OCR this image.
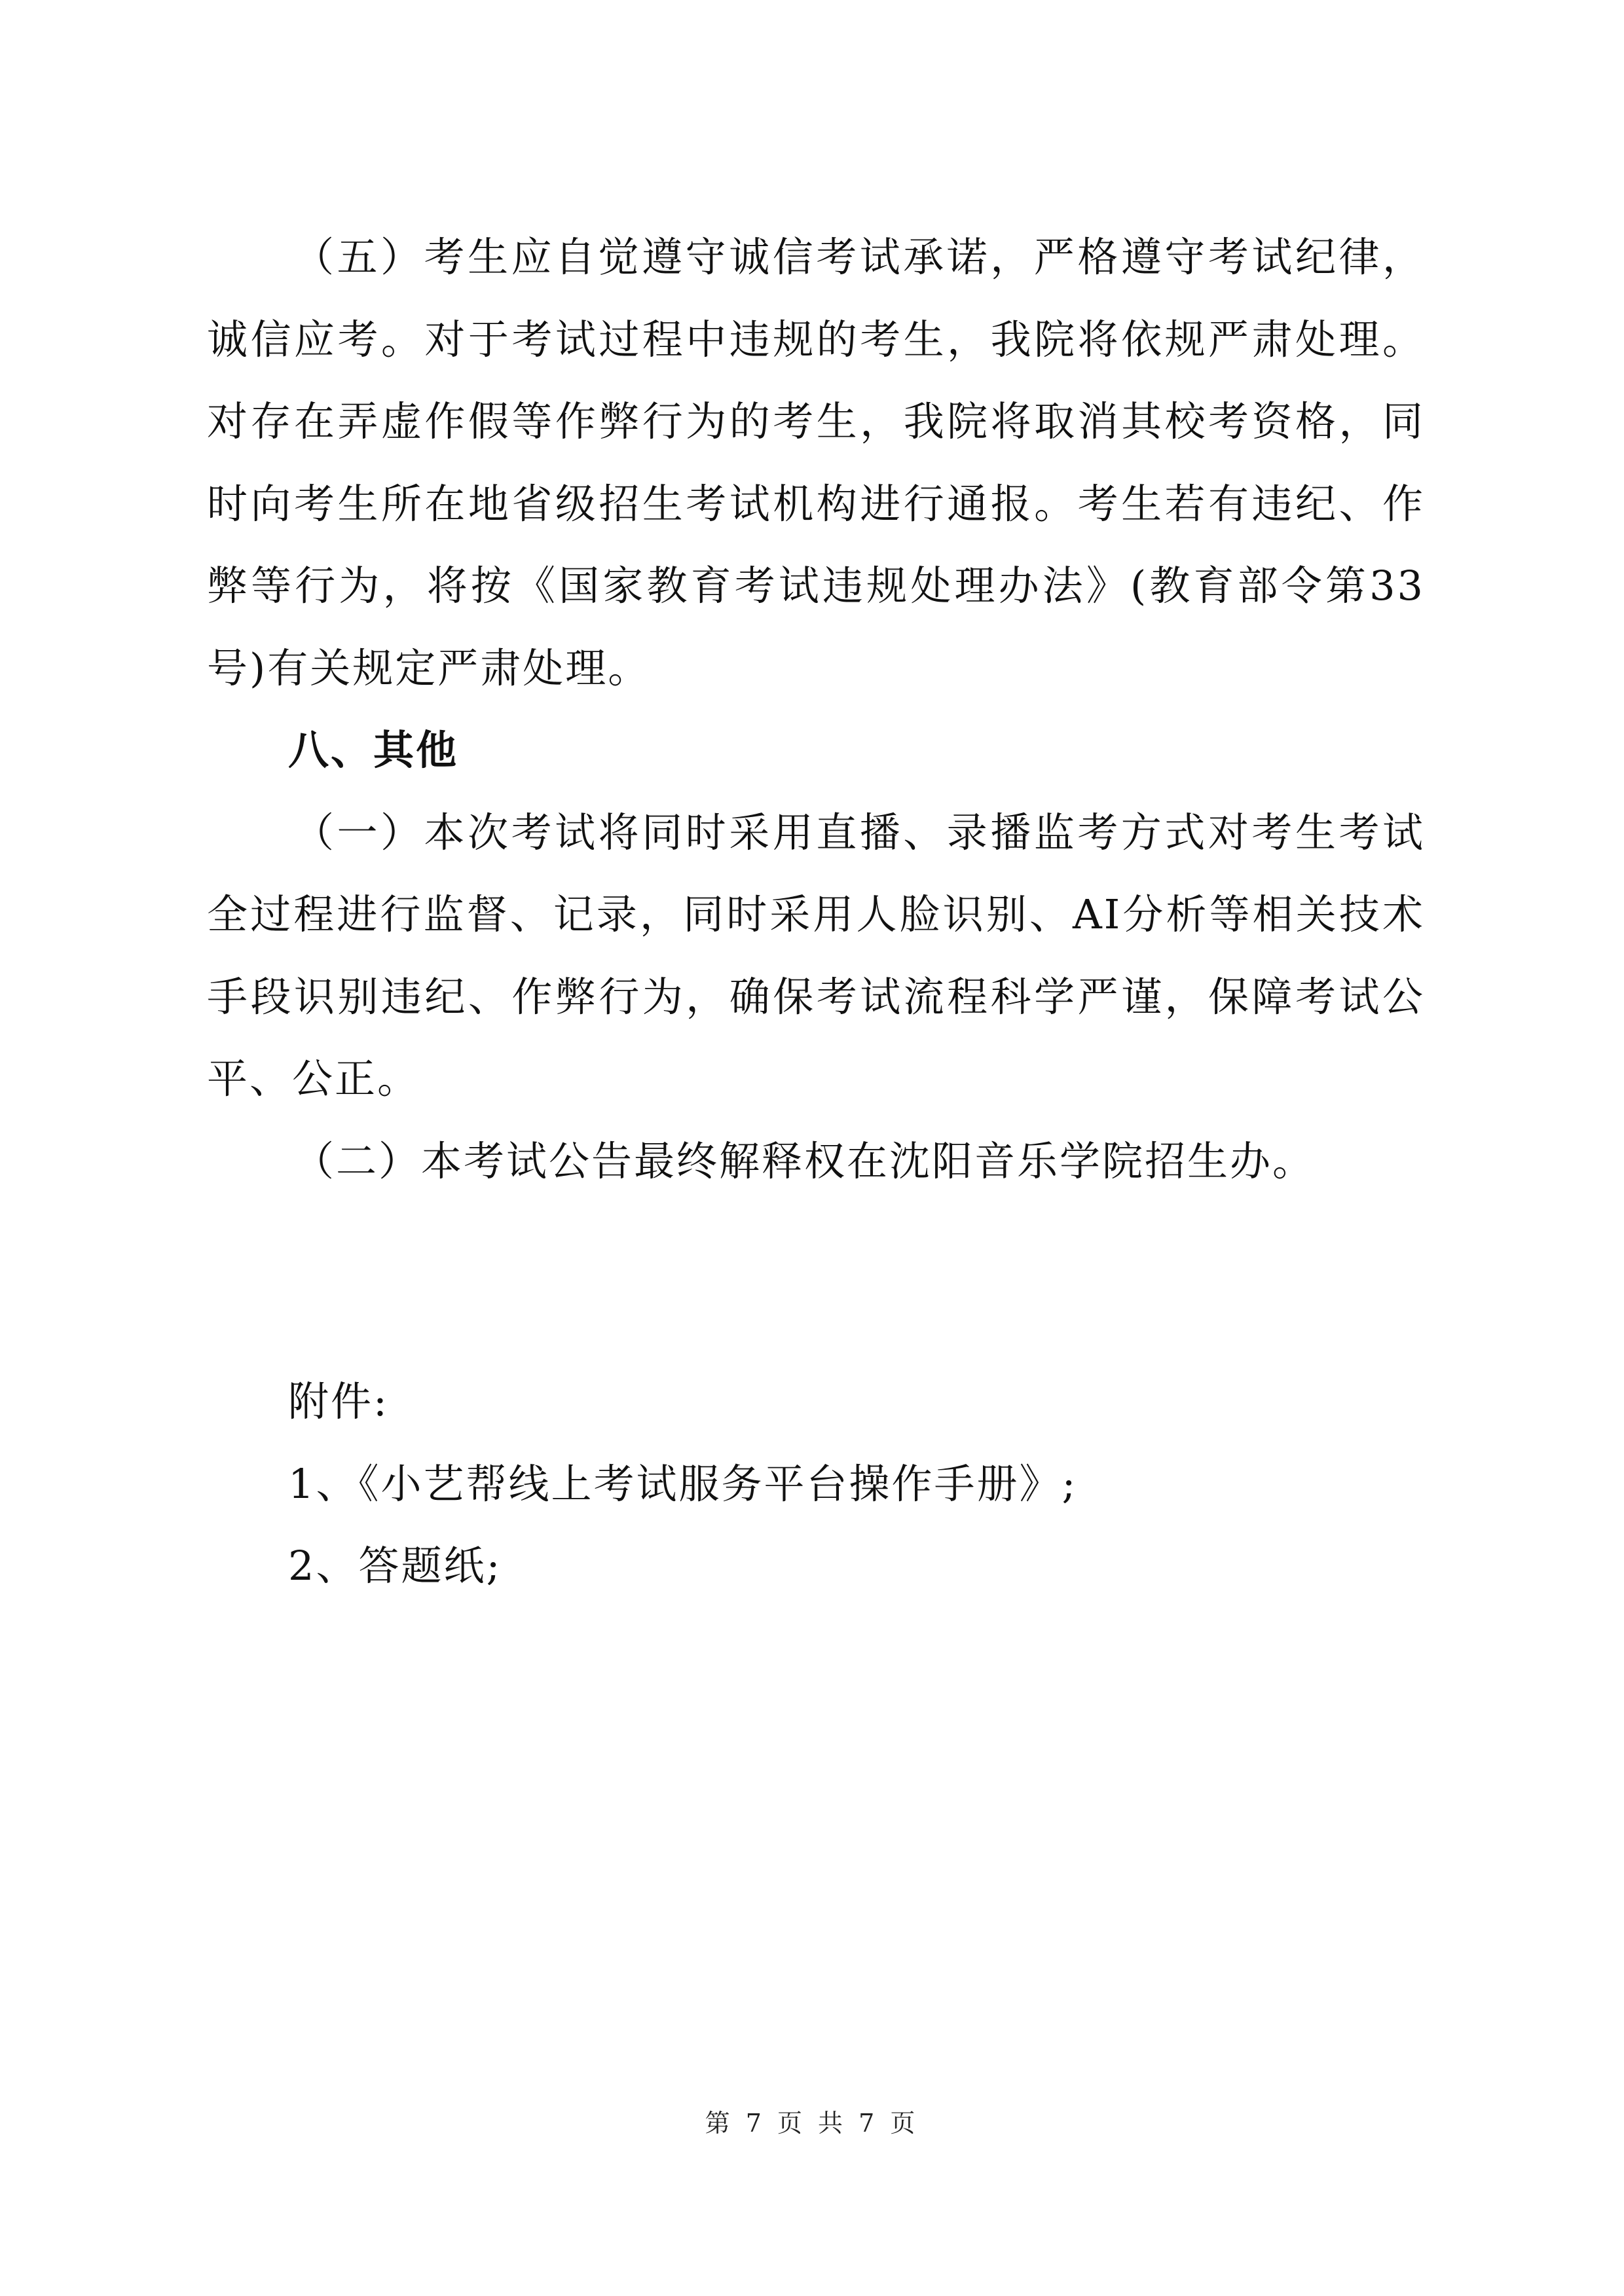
（五）考生应自觉遵守诚信考试承诺，严格遵守考试纪律，诚信应考。对于考试过程中违规的考生，我院将依规严肃处理。对存在弄虚作假等作弊行为的考生，我院将取消其校考资格，同时向考生所在地省级招生考试机构进行通报。考生若有违纪、作弊等行为，将按《国家教育考试违规处理办法》(教育部令第33号)有关规定严肃处理。

八、其他

（一）本次考试将同时采用直播、录播监考方式对考生考试全过程进行监督、记录，同时采用人脸识别、AI分析等相关技术手段识别违纪、作弊行为，确保考试流程科学严谨，保障考试公平、公正。

（二）本考试公告最终解释权在沈阳音乐学院招生办。

附件:

1、《小艺帮线上考试服务平台操作手册》;

2、答题纸;

第 7 页 共 7 页
